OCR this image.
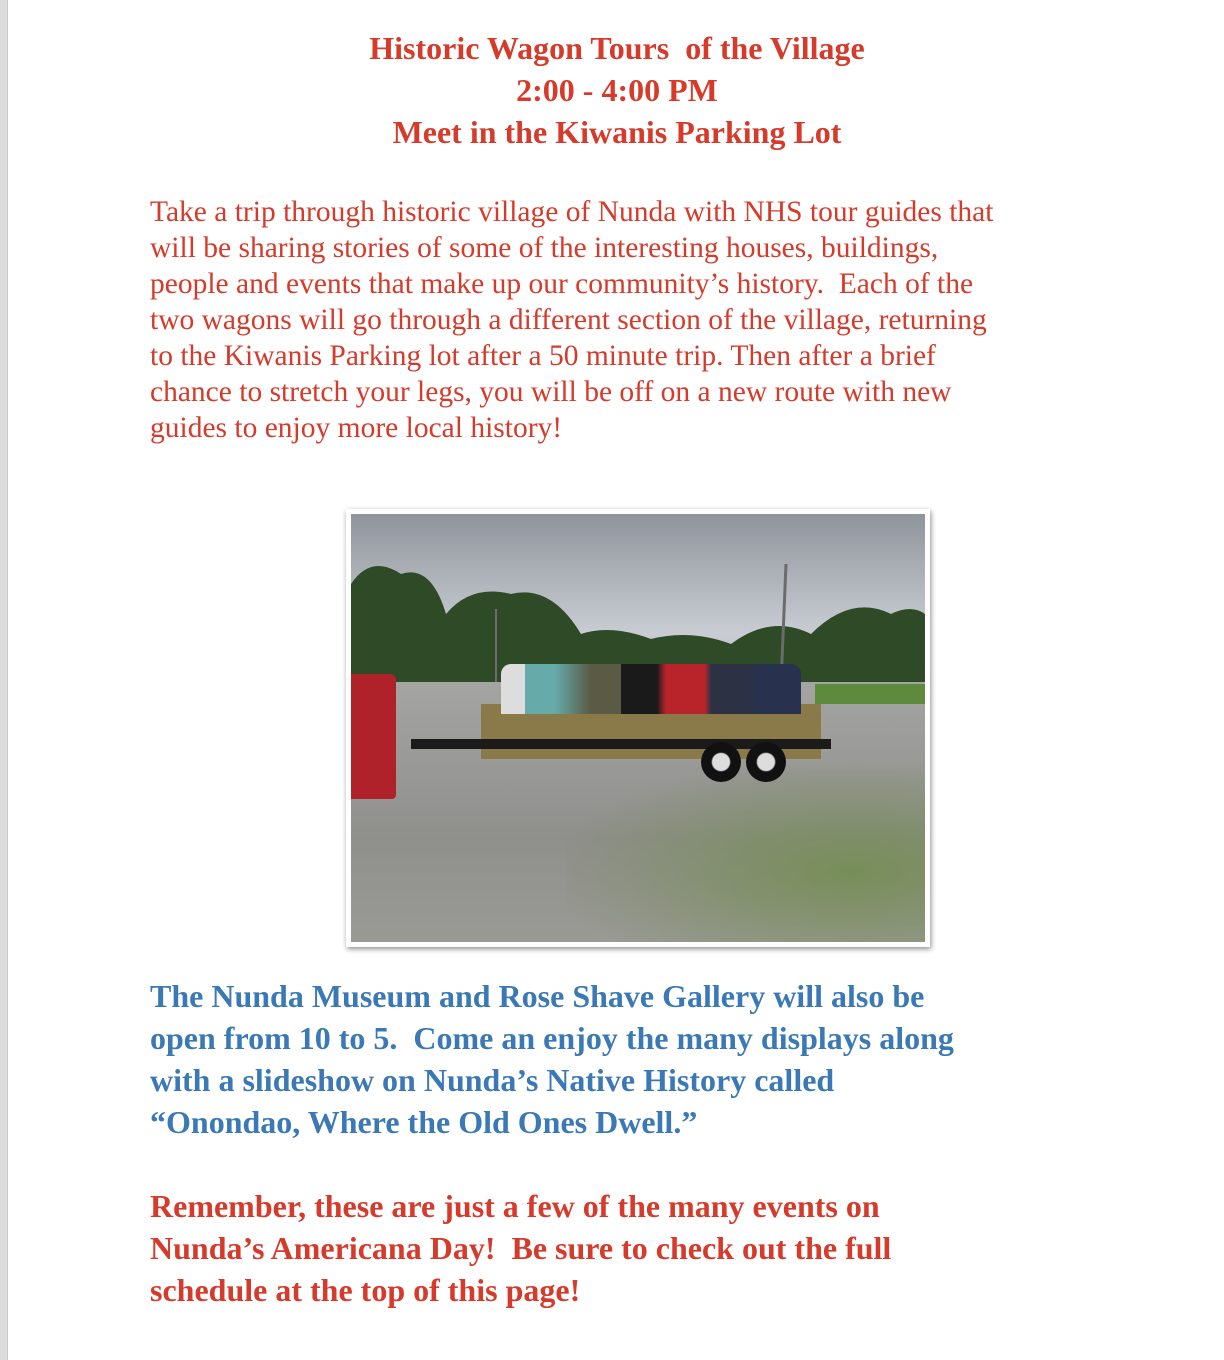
Historic Wagon Tours  of the Village
2:00 - 4:00 PM
Meet in the Kiwanis Parking Lot
Take a trip through historic village of Nunda with NHS tour guides that
will be sharing stories of some of the interesting houses, buildings,
people and events that make up our community’s history.  Each of the
two wagons will go through a different section of the village, returning
to the Kiwanis Parking lot after a 50 minute trip. Then after a brief
chance to stretch your legs, you will be off on a new route with new
guides to enjoy more local history!
The Nunda Museum and Rose Shave Gallery will also be
open from 10 to 5.  Come an enjoy the many displays along
with a slideshow on Nunda’s Native History called
“Onondao, Where the Old Ones Dwell.”
Remember, these are just a few of the many events on
Nunda’s Americana Day!  Be sure to check out the full
schedule at the top of this page!
